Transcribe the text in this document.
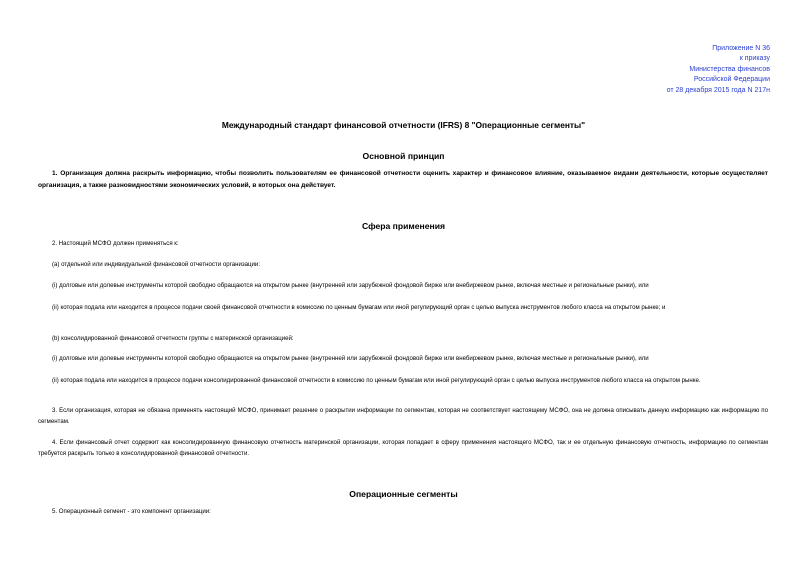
Приложение N 36
к приказу
Министерства финансов
Российской Федерации
от 28 декабря 2015 года N 217н
Международный стандарт финансовой отчетности (IFRS) 8 "Операционные сегменты"
Основной принцип
1. Организация должна раскрыть информацию, чтобы позволить пользователям ее финансовой отчетности оценить характер и финансовое влияние, оказываемое видами деятельности, которые осуществляет организация, а также разновидностями экономических условий, в которых она действует.
Сфера применения
2. Настоящий МСФО должен применяться к:
(a) отдельной или индивидуальной финансовой отчетности организации:
(i) долговые или долевые инструменты которой свободно обращаются на открытом рынке (внутренней или зарубежной фондовой бирже или внебиржевом рынке, включая местные и региональные рынки), или
(ii) которая подала или находится в процессе подачи своей финансовой отчетности в комиссию по ценным бумагам или иной регулирующий орган с целью выпуска инструментов любого класса на открытом рынке; и
(b) консолидированной финансовой отчетности группы с материнской организацией:
(i) долговые или долевые инструменты которой свободно обращаются на открытом рынке (внутренней или зарубежной фондовой бирже или внебиржевом рынке, включая местные и региональные рынки), или
(ii) которая подала или находится в процессе подачи консолидированной финансовой отчетности в комиссию по ценным бумагам или иной регулирующий орган с целью выпуска инструментов любого класса на открытом рынке.
3. Если организация, которая не обязана применять настоящий МСФО, принимает решение о раскрытии информации по сегментам, которая не соответствует настоящему МСФО, она не должна описывать данную информацию как информацию по сегментам.
4. Если финансовый отчет содержит как консолидированную финансовую отчетность материнской организации, которая попадает в сферу применения настоящего МСФО, так и ее отдельную финансовую отчетность, информацию по сегментам требуется раскрыть только в консолидированной финансовой отчетности.
Операционные сегменты
5. Операционный сегмент - это компонент организации:
